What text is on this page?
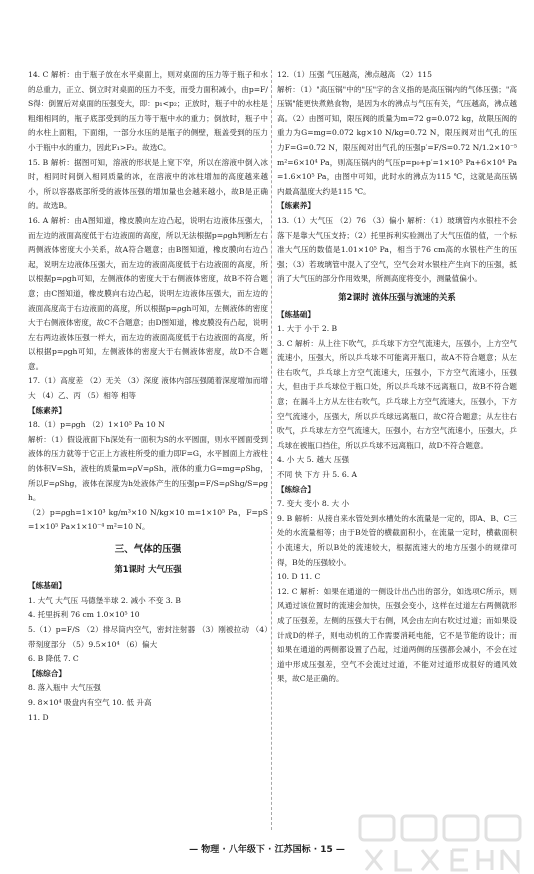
14. C 解析：由于瓶子放在水平桌面上，则对桌面的压力等于瓶子和水的总重力，正立、倒立时对桌面的压力不变，而受力面积减小，由p=F/S得：倒置后对桌面的压强变大，即：p₁<p₂；正放时，瓶子中的水柱是粗细相同的，瓶子底部受到的压力等于瓶中水的重力；倒放时，瓶子中的水柱上面粗，下面细，一部分水压的是瓶子的侧壁，瓶盖受到的压力小于瓶中水的重力，因此F₁>F₂。故选C。

15. B 解析：据图可知，溶液的形状是上宽下窄，所以在溶液中倒入冰时，相同时间倒入相同质量的冰，在溶液中的冰柱增加的高度越来越小，所以容器底部所受的液体压强的增加量也会越来越小，故B是正确的。故选B。

16. A 解析：由A图知道，橡皮膜向左边凸起，说明右边液体压强大，而左边的液面高度低于右边液面的高度，所以无法根据p=ρgh判断左右两侧液体密度大小关系，故A符合题意；由B图知道，橡皮膜向右边凸起，说明左边液体压强大，而左边的液面高度低于右边液面的高度，所以根据p=ρgh可知，左侧液体的密度大于右侧液体密度，故B不符合题意；由C图知道，橡皮膜向右边凸起，说明左边液体压强大，而左边的液面高度高于右边液面的高度，所以根据p=ρgh可知，左侧液体的密度大于右侧液体密度，故C不合题意；由D图知道，橡皮膜没有凸起，说明左右两边液体压强一样大，而左边的液面高度低于右边液面的高度，所以根据p=ρgh可知，左侧液体的密度大于右侧液体密度，故D不合题意。

17.（1）高度差 （2）无关 （3）深度 液体内部压强随着深度增加而增大 （4）乙、丙 （5）相等 相等

【练素养】

18.（1）p=ρgh （2）1×10⁵ Pa 10 N

解析：（1）假设液面下h深处有一面积为S的水平圆面，则水平圆面受到液体的压力就等于它正上方液柱所受的重力即F=G，水平圆面上方液柱的体积V=Sh，液柱的质量m=ρV=ρSh，液体的重力G=mg=ρShg，所以F=ρShg，液体在深度为h处液体产生的压强p=F/S=ρShg/S=ρgh。

（2）p=ρgh=1×10³ kg/m³×10 N/kg×10 m=1×10⁵ Pa，F=pS=1×10⁵ Pa×1×10⁻⁴ m²=10 N。

三、气体的压强

第1课时 大气压强

【练基础】

1. 大气 大气压 马德堡半球 2. 减小 不变 3. B

4. 托里拆利 76 cm 1.0×10⁵ 10

5.（1）p=F/S （2）排尽筒内空气，密封注射器 （3）刚被拉动 （4）带刻度部分 （5）9.5×10⁴ （6）偏大

6. B 降低 7. C

【练综合】

8. 落入瓶中 大气压强

9. 8×10⁴ 吸盘内有空气 10. 低 升高

11. D

12.（1）压强 气压越高，沸点越高 （2）115

解析：（1）"高压锅"中的"压"字的含义指的是高压锅内的气体压强；"高压锅"能更快煮熟食物，是因为水的沸点与气压有关，气压越高，沸点越高。（2）由图可知，限压阀的质量为m=72 g=0.072 kg，故限压阀的重力为G=mg=0.072 kg×10 N/kg=0.72 N，限压阀对出气孔的压力F=G=0.72 N，限压阀对出气孔的压强p′=F/S=0.72 N/1.2×10⁻⁵ m²=6×10⁴ Pa，则高压锅内的气压p=p₀+p′=1×10⁵ Pa+6×10⁴ Pa=1.6×10⁵ Pa，由图中可知，此时水的沸点为115 ℃，这就是高压锅内最高温度大约是115 ℃。

【练素养】

13.（1）大气压 （2）76 （3）偏小 解析：（1）玻璃管内水银柱不会落下是靠大气压支持；（2）托里拆利实验测出了大气压值的值，一个标准大气压的数值是1.01×10⁵ Pa，相当于76 cm高的水银柱产生的压强；（3）若玻璃管中混入了空气，空气会对水银柱产生向下的压强，抵消了大气压的部分作用效果，所测高度将变小，测量值偏小。

第2课时 流体压强与流速的关系

【练基础】

1. 大于 小于 2. B

3. C 解析：从上往下吹气，乒乓球下方空气流速大，压强小，上方空气流速小，压强大，所以乒乓球不可能离开瓶口，故A不符合题意；从左往右吹气，乒乓球上方空气流速大，压强小，下方空气流速小，压强大，但由于乒乓球位于瓶口处，所以乒乓球不远离瓶口，故B不符合题意；在漏斗上方从左往右吹气，乒乓球上方空气流速大，压强小，下方空气流速小，压强大，所以乒乓球远离瓶口，故C符合题意；从左往右吹气，乒乓球左方空气流速大，压强小，右方空气流速小，压强大，乒乓球在被瓶口挡住，所以乒乓球不远离瓶口，故D不符合题意。

4. 小 大 5. 越大 压强

不同 快 下方 升 5. 6. A

【练综合】

7. 变大 变小 8. 大 小

9. B 解析：从接自来水管处到水槽处的水流量是一定的，即A、B、C三处的水流量相等；由于B处管的横截面积小，在流量一定时，横截面积小流速大，所以B处的流速较大，根据流速大的地方压强小的规律可得，B处的压强较小。

10. D 11. C

12. C 解析：如果在通道的一侧设计出凸出的部分，如选项C所示，则风通过该位置时的流速会加快，压强会变小，这样在过道左右两侧就形成了压强差，左侧的压强大于右侧，风会由左向右吹过过道；而如果设计成D的样子，则电动机的工作需要消耗电能，它不是节能的设计；而如果在通道的两侧都设置了凸起，过道两侧的压强都会减小，不会在过道中形成压强差，空气不会流过过道，不能对过道形成很好的通风效果，故C是正确的。

— 物理 · 八年级下 · 江苏国标 · 15 —
